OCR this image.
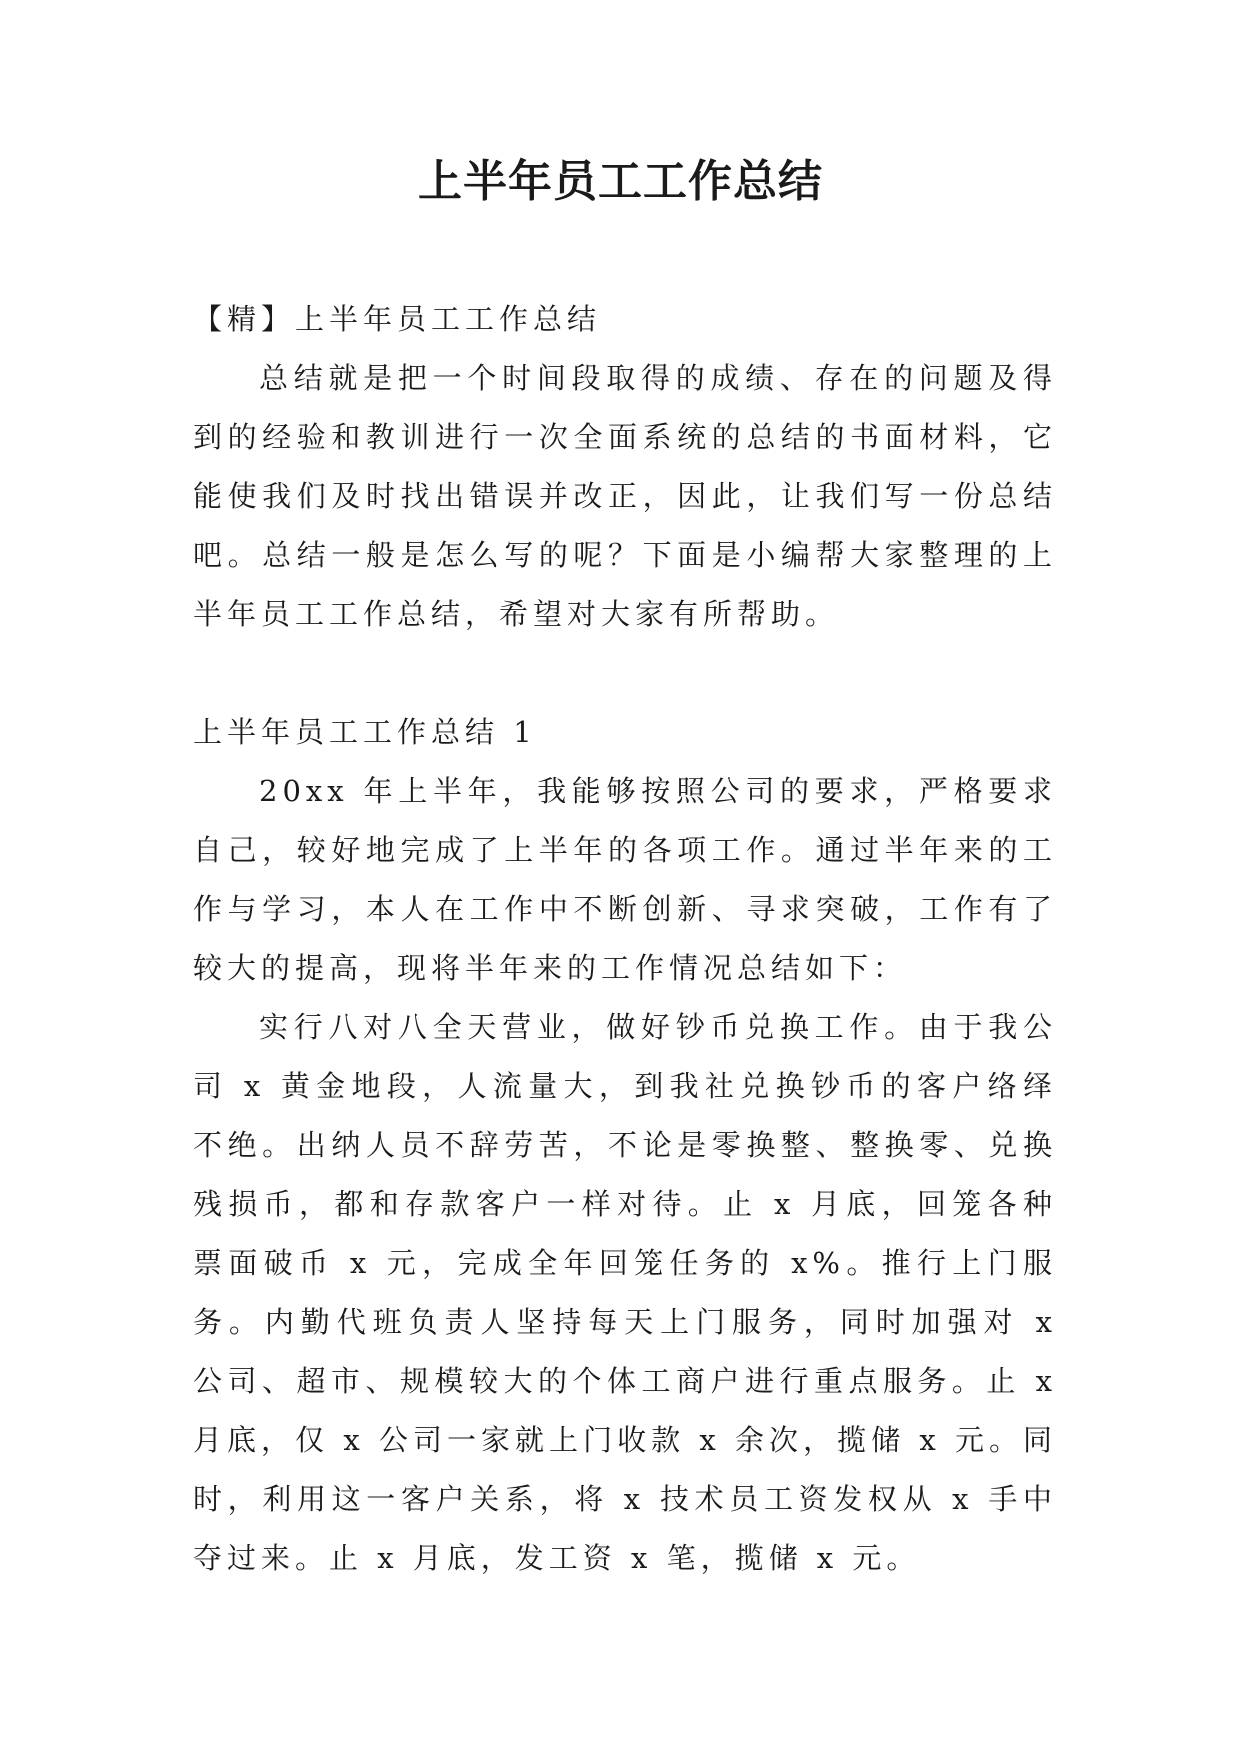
上半年员工工作总结

【精】上半年员工工作总结

总结就是把一个时间段取得的成绩、存在的问题及得到的经验和教训进行一次全面系统的总结的书面材料，它能使我们及时找出错误并改正，因此，让我们写一份总结吧。总结一般是怎么写的呢？下面是小编帮大家整理的上半年员工工作总结，希望对大家有所帮助。

上半年员工工作总结 1

20xx 年上半年，我能够按照公司的要求，严格要求自己，较好地完成了上半年的各项工作。通过半年来的工作与学习，本人在工作中不断创新、寻求突破，工作有了较大的提高，现将半年来的工作情况总结如下：

实行八对八全天营业，做好钞币兑换工作。由于我公司 x 黄金地段，人流量大，到我社兑换钞币的客户络绎不绝。出纳人员不辞劳苦，不论是零换整、整换零、兑换残损币，都和存款客户一样对待。止 x 月底，回笼各种票面破币 x 元，完成全年回笼任务的 x%。推行上门服务。内勤代班负责人坚持每天上门服务，同时加强对 x 公司、超市、规模较大的个体工商户进行重点服务。止 x 月底，仅 x 公司一家就上门收款 x 余次，揽储 x 元。同时，利用这一客户关系，将 x 技术员工资发权从 x 手中夺过来。止 x 月底，发工资 x 笔，揽储 x 元。
